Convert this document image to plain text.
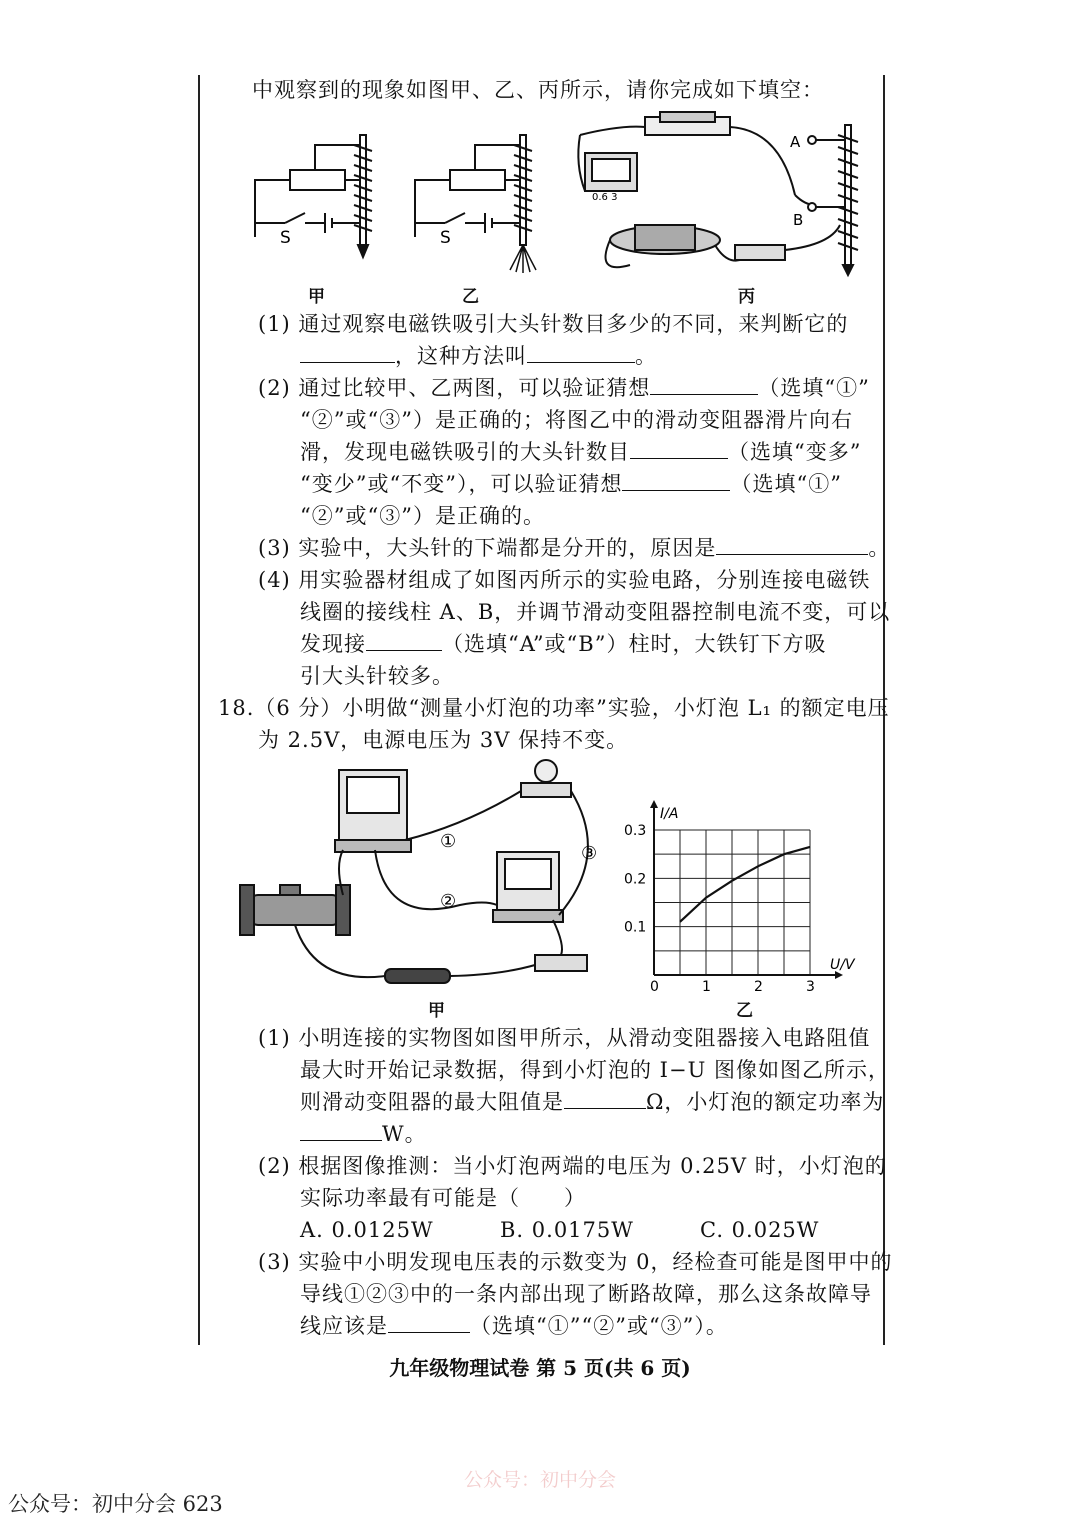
中观察到的现象如图甲、乙、丙所示，请你完成如下填空：
S	S
A
B
0.6 3
甲	乙	丙
(1) 通过观察电磁铁吸引大头针数目多少的不同，来判断它的
，这种方法叫	。
(2) 通过比较甲、乙两图，可以验证猜想	（选填“①”
“②”或“③”）是正确的；将图乙中的滑动变阻器滑片向右
滑，发现电磁铁吸引的大头针数目	（选填“变多”
“变少”或“不变”），可以验证猜想	（选填“①”
“②”或“③”）是正确的。
(3) 实验中，大头针的下端都是分开的，原因是	。
(4) 用实验器材组成了如图丙所示的实验电路，分别连接电磁铁
线圈的接线柱 A、B，并调节滑动变阻器控制电流不变，可以
发现接	（选填“A”或“B”）柱时，大铁钉下方吸
引大头针较多。
18.（6 分）小明做“测量小灯泡的功率”实验，小灯泡 L₁ 的额定电压
为 2.5V，电源电压为 3V 保持不变。
①
②
③
甲
0	1	2	3
0.1
0.2
0.3
U/V
I/A
乙
(1) 小明连接的实物图如图甲所示，从滑动变阻器接入电路阻值
最大时开始记录数据，得到小灯泡的 I−U 图像如图乙所示，
则滑动变阻器的最大阻值是	Ω，小灯泡的额定功率为
W。
(2) 根据图像推测：当小灯泡两端的电压为 0.25V 时，小灯泡的
实际功率最有可能是（　　）
A. 0.0125W	B. 0.0175W	C. 0.025W
(3) 实验中小明发现电压表的示数变为 0，经检查可能是图甲中的
导线①②③中的一条内部出现了断路故障，那么这条故障导
线应该是	（选填“①”“②”或“③”）。
九年级物理试卷 第 5 页(共 6 页)
公众号：初中分会
公众号：初中分会 623
